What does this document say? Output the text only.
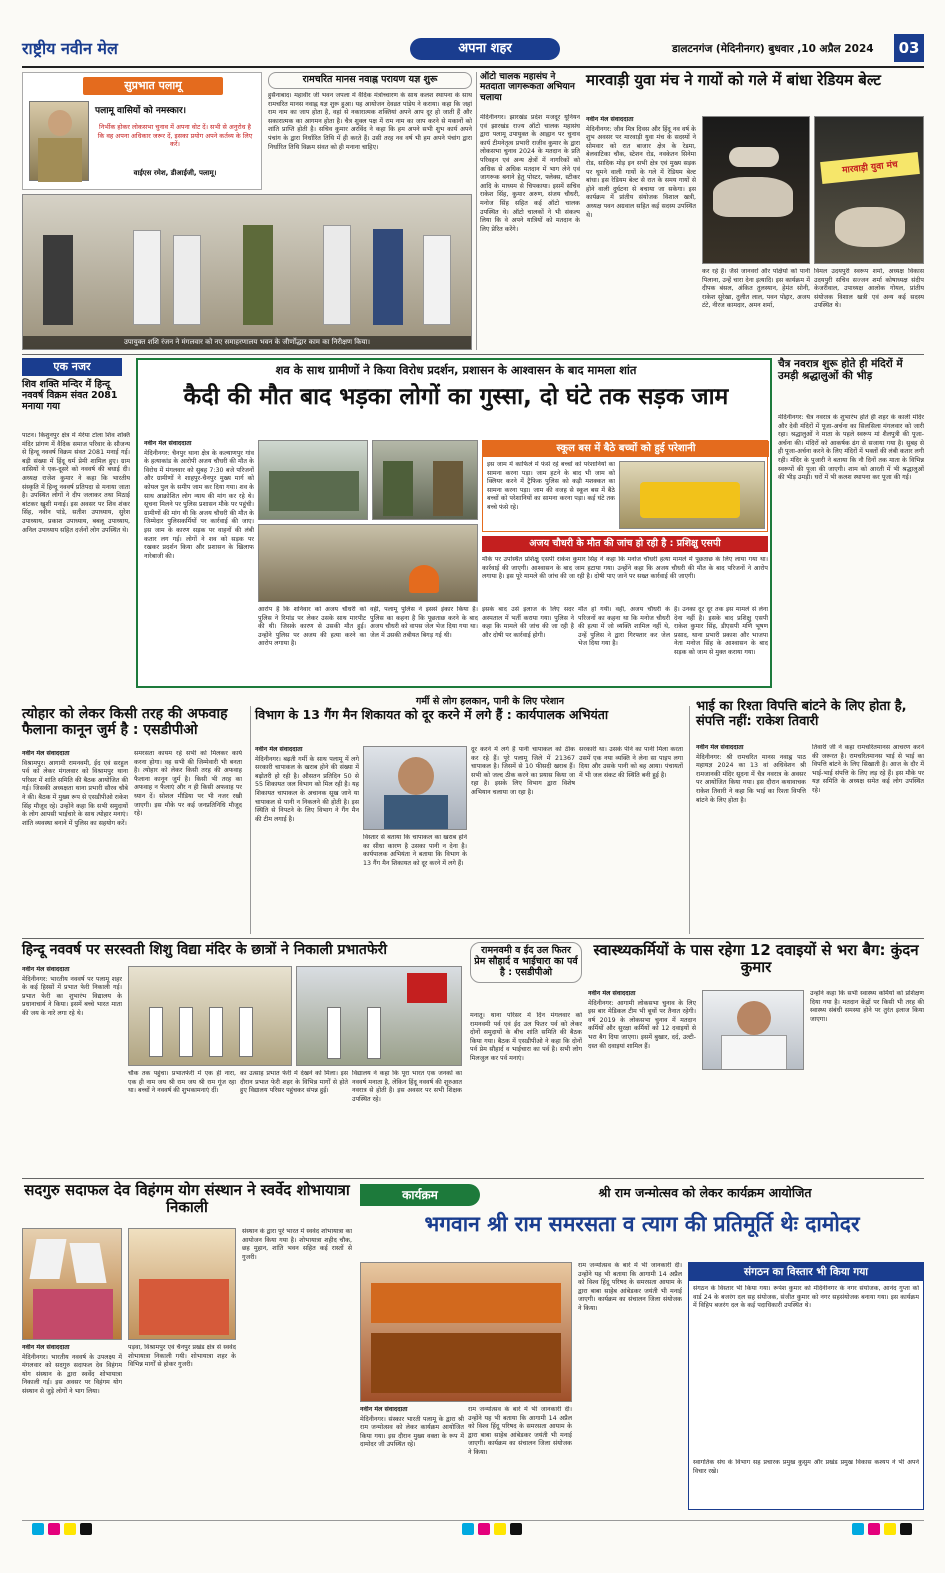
राष्ट्रीय नवीन मेल	अपना शहर	डालटनगंज (मेदिनीनगर) बुधवार ,10 अप्रैल 2024	03
सुप्रभात पलामू
पलामू वासियों को नमस्कार।
निर्भीक होकर लोकसभा चुनाव में अपना वोट दें। सभी से अनुरोध है कि वह अपना अधिकार जरूर दें, इसका प्रयोग अपने कर्तव्य के लिए करें।
वाईएस रमेश, डीआईजी, पलामू।
रामचरित मानस नवाह्न परायण यज्ञ शुरू
हुसैनाबाद। महावीर जी भवन जपला में वैदिक मंत्रोच्चारण के साथ कलश स्थापना के साथ रामचरित मानस नवाह्न यज्ञ शुरू हुआ। यह आयोजन देवव्रत पांडेय ने कराया। कहा कि जहां राम नाम का जाप होता है, वहां से नकारात्मक शक्तियां अपने आप दूर हो जाती हैं और सकारात्मक का आगमन होता है। चैत्र शुक्ल पक्ष में राम नाम का जाप करने से मकानों को शांति प्राप्ति होती है। सचिव कुमार अरविंद ने कहा कि हम अपने सभी शुभ कार्य अपने पंचांग के द्वारा निर्धारित तिथि में ही करते हैं। उसी तरह नव वर्ष भी हम अपने पंचांग द्वारा निर्धारित तिथि विक्रम संवत को ही मनाना चाहिए।
ऑटो चालक महासंघ ने मतदाता जागरूकता अभियान चलाया
मेदिनीनगर। झारखंड प्रदेश मजदूर यूनियन एवं झारखंड राज्य ऑटो चालक महासंघ द्वारा पलामू उपायुक्त के आह्वान पर चुनाव कार्य टीमनेतृत्व प्रभारी राजीव कुमार के द्वारा लोकसभा चुनाव 2024 के मतदान के प्रति परिवहन एवं अन्य क्षेत्रों में नागरिकों को अधिक से अधिक मतदान में भाग लेने एवं जागरूक बनाने हेतु पोस्टर, फ्लेक्स, स्टीकर आदि के माध्यम से चिपकाया। इसमें सचिव राकेश सिंह, कुमार अरुण, संजय चौधरी, मनोज सिंह सहित कई ऑटो चालक उपस्थित थे। ऑटो चालकों ने भी संकल्प लिया कि वे अपने यात्रियों को मतदान के लिए प्रेरित करेंगे।
उपायुक्त शशि रंजन ने मंगलवार को नए समाहरणालय भवन के जीर्णोद्धार काम का निरीक्षण किया।
मारवाड़ी युवा मंच ने गायों को गले में बांधा रेडियम बेल्ट
नवीन मेल संवाददाता
मेदिनीनगर: जीव मित्र दिवस और हिंदू नव वर्ष के शुभ अवसर पर मारवाड़ी युवा मंच के सदस्यों ने सोमवार को रात बाजार क्षेत्र के रेडमा, बेलवाटिका चौक, स्टेशन रोड, नवकेतन सिनेमा रोड, सादिक मोड़ इन सभी क्षेत्र एवं मुख्य सड़क पर घूमने वाली गायों के गले में रेडियम बेल्ट बांधा। इस रेडियम बेल्ट से रात के समय गायों से होने वाली दुर्घटना से बचाया जा सकेगा। इस कार्यक्रम में प्रांतीय संयोजक विशाल खत्री, अध्यक्ष पवन अग्रवाल सहित कई सदस्य उपस्थित थे।
मारवाड़ी युवा मंच
कर रहे हैं। जैसे जानवरों और पक्षियों को पानी पिलाना, उन्हें चारा देना इत्यादि। इस कार्यक्रम में दीपक बंसल, अंकित तुलस्यान, हेमंत सोनी, राकेश सुरेखा, तुलीत लाल, पवन पोद्दार, अजय टंटे, नीरज कामदार, अमन शर्मा,
विमल उदयपुरी स्वरूप शर्मा, अध्यक्ष विकास उदयपुरी सचिव सज्जन शर्मा कोषाध्यक्ष संदीप केजरीवाल, उपाध्यक्ष आलोक गोयल, प्रांतीय संयोजक विशाल खत्री एवं अन्य कई सदस्य उपस्थित थे।
एक नजर
शिव शक्ति मन्दिर में हिन्दू नववर्ष विक्रम संवत 2081 मनाया गया
पाटन। किशुनपुर क्षेत्र में मेरेया टोला शिव शक्ति मंदिर प्रांगण में वैदिक समाज परिवार के सौजन्य से हिन्दू नववर्ष विक्रम संवत 2081 मनाई गई। बड़ी संख्या में हिंदू धर्म प्रेमी शामिल हुए। ग्राम वासियों ने एक-दूसरे को नववर्ष की बधाई दी। अध्यक्ष राजेश कुमार ने कहा कि भारतीय संस्कृति में हिन्दू नववर्ष प्रतिपदा से मनाया जाता है। उपस्थित लोगों ने दीप जलाकर तथा मिठाई बांटकर खुशी मनाई। इस अवसर पर शिव शंकर सिंह, नवीन पांडे, सतीश उपाध्याय, सुरेश उपाध्याय, प्रकाश उपाध्याय, बबलू उपाध्याय, अनिल उपाध्याय सहित दर्जनों लोग उपस्थित थे।
शव के साथ ग्रामीणों ने किया विरोध प्रदर्शन, प्रशासन के आश्वासन के बाद मामला शांत
कैदी की मौत बाद भड़का लोगों का गुस्सा, दो घंटे तक सड़क जाम
नवीन मेल संवाददाता
मेदिनीनगर: चैनपुर थाना क्षेत्र के कल्याणपुर गांव के हत्याकांड के आरोपी अजय चौधरी की मौत के विरोध में मंगलवार को सुबह 7:30 बजे परिजनों और ग्रामीणों ने शाहपुर-चैनपुर मुख्य मार्ग को कोयल पुल के समीप जाम कर दिया गया। शव के साथ आक्रोशित लोग न्याय की मांग कर रहे थे। सूचना मिलने पर पुलिस प्रशासन मौके पर पहुंची। ग्रामीणों की मांग थी कि अजय चौधरी की मौत के जिम्मेदार पुलिसकर्मियों पर कार्रवाई की जाए। इस जाम के कारण सड़क पर वाहनों की लंबी कतार लग गई। लोगों ने शव को सड़क पर रखकर प्रदर्शन किया और प्रशासन के खिलाफ नारेबाजी की।
आरोप है कि शनिवार को अजय चौधरी को पुलिस ने रिमांड पर लेकर उसके साथ मारपीट की थी। जिसके कारण से उसकी मौत हुई। उन्होंने पुलिस पर अजय की हत्या करने का आरोप लगाया है।
वहीं, पलामू पुलिस ने इससे इंकार किया है। पुलिस का कहना है कि पूछताछ करने के बाद अजय चौधरी को वापस जेल भेज दिया गया था। जेल में उसकी तबीयत बिगड़ गई थी।
स्कूल बस में बैठे बच्चों को हुई परेशानी
इस जाम में काफिले में फंसे रहे बच्चों को परेशानियों का सामना करना पड़ा। जाम हटने के बाद भी जाम को क्लियर करने में ट्रैफिक पुलिस को कड़ी मशक्कत का सामना करना पड़ा। जाम की वजह से स्कूल बस में बैठे बच्चों को परेशानियों का सामना करना पड़ा। कई घंटे तक बच्चे फंसे रहे।
अजय चौधरी के मौत की जांच हो रही है : प्रशिक्षु एसपी
मौके पर उपस्थित प्रशिक्षु एसपी राकेश कुमार सिंह ने कहा कि मनोज चौधरी हत्या मामले में पूछताछ के लिए लाया गया था। कार्रवाई की जाएगी। आश्वासन के बाद जाम हटाया गया। उन्होंने कहा कि अजय चौधरी की मौत के बाद परिजनों ने आरोप लगाया है। इस पूरे मामले की जांच की जा रही है। दोषी पाए जाने पर सख्त कार्रवाई की जाएगी।
इसके बाद उसे इलाज के लिए सदर अस्पताल में भर्ती कराया गया। पुलिस ने कहा कि मामले की जांच की जा रही है और दोषी पर कार्रवाई होगी।
मौत हो गयी। वहीं, अजय चौधरी के परिजनों का कहना था कि मनोज चौधरी की हत्या में जो व्यक्ति शामिल नहीं थे, उन्हें पुलिस ने द्वारा गिरफ्तार कर जेल भेज दिया गया है।
है। उनका दूर दूर तक इस मामले से लेना देना नहीं है। इसके बाद प्रशिक्षु एसपी राकेश कुमार सिंह, डीएसपी मणि भूषण प्रसाद, थाना प्रभारी प्रकाश और भाजपा नेता मनोज सिंह के आश्वासन के बाद सड़क को जाम से मुक्त कराया गया।
चैत्र नवरात्र शुरू होते ही मंदिरों में उमड़ी श्रद्धालुओं की भीड़
मेदिनीनगर: चैत्र नवरात्र के शुभारंभ होते ही शहर के काली मंदिर और देवी मंदिरों में पूजा-अर्चना का सिलसिला मंगलवार को जारी रहा। श्रद्धालुओं ने माता के पहले स्वरूप मां शैलपुत्री की पूजा-अर्चना की। मंदिरों को आकर्षक ढंग से सजाया गया है। सुबह से ही पूजा-अर्चना करने के लिए मंदिरों में भक्तों की लंबी कतार लगी रही। मंदिर के पुजारी ने बताया कि नौ दिनों तक माता के विभिन्न स्वरूपों की पूजा की जाएगी। शाम को आरती में भी श्रद्धालुओं की भीड़ उमड़ी। घरों में भी कलश स्थापना कर पूजा की गई।
गर्मी से लोग हलकान, पानी के लिए परेशान
त्योहार को लेकर किसी तरह की अफवाह फैलाना कानून जुर्म है : एसडीपीओ
नवीन मेल संवाददाता
विश्रामपुर। आगामी रामनवमी, ईद एवं सरहुल पर्व को लेकर मंगलवार को विश्रामपुर थाना परिसर में शांति समिति की बैठक आयोजित की गई। जिसकी अध्यक्षता थाना प्रभारी सौरव चौबे ने की। बैठक में मुख्य रूप से एसडीपीओ राकेश सिंह मौजूद रहे। उन्होंने कहा कि सभी समुदायों के लोग आपसी भाईचारे के साथ त्योहार मनाएं। शांति व्यवस्था बनाने में पुलिस का सहयोग करें।
समरसता कायम रहे सभी को मिलकर कार्य करना होगा। वह सभी की जिम्मेवारी भी बनता है। त्योहार को लेकर किसी तरह की अफवाह फैलाना कानून जुर्म है। किसी भी तरह का अफवाह न फैलाएं और न ही किसी अफवाह पर ध्यान दें। सोशल मीडिया पर भी नजर रखी जाएगी। इस मौके पर कई जनप्रतिनिधि मौजूद रहे।
विभाग के 13 गैंग मैन शिकायत को दूर करने में लगे हैं : कार्यपालक अभियंता
नवीन मेल संवाददाता
मेदिनीनगर। बढ़ती गर्मी के साथ पलामू में लगे सरकारी चापाकल के खराब होने की संख्या में बढ़ोतरी हो रही है। औसतन प्रतिदिन 50 से 55 शिकायत जल विभाग को मिल रही है। यह शिकायत चापाकल के अचानक सूख जाने या चापाकल से पानी न निकलने की होती है। इस स्थिति से निपटने के लिए विभाग ने गैंग मैन की टीम लगाई है।
विस्तार से बताया कि चापाकल का खराब होने का सीधा कारण है उसका पानी न देना है। कार्यपालक अभियंता ने बताया कि विभाग के 13 गैंग मैन शिकायत को दूर करने में लगे हैं।
दूर करने में लगे हैं पानी चापाकल को ठीक कर रहे हैं। पूरे पलामू जिले में 21367 चापाकल है। जिसमें से 10 फीसदी खराब हैं। सभी को जल्द ठीक करने का प्रयास किया जा रहा है। इसके लिए विभाग द्वारा विशेष अभियान चलाया जा रहा है।
सरकारी था। उसके पीने का पानी मिला करता उसमें एक नया व्यक्ति ने लेना सा पाइप लगा दिया और उसके पानी को बह आया। पंचायतों में भी जल संकट की स्थिति बनी हुई है।
भाई का रिश्ता विपत्ति बांटने के लिए होता है, संपत्ति नहीं: राकेश तिवारी
नवीन मेल संवाददाता
मेदिनीनगर: श्री रामचरित मानस नवाह्न पाठ महायज्ञ 2024 का 13 वां अधिवेशन श्री रामजानकी मंदिर सूदना में चैत्र नवरात्र के अवसर पर आयोजित किया गया। इस दौरान कथावाचक राकेश तिवारी ने कहा कि भाई का रिश्ता विपत्ति बांटने के लिए होता है।
तिवारी जी ने कहा रामचरितमानस आचरण करने की जरूरत है। रामचरितमानस भाई से भाई का विपत्ति बांटने के लिए सिखाती है। आज के दौर में भाई-भाई संपत्ति के लिए लड़ रहे हैं। इस मौके पर यज्ञ समिति के अध्यक्ष समेत कई लोग उपस्थित रहे।
हिन्दू नववर्ष पर सरस्वती शिशु विद्या मंदिर के छात्रों ने निकाली प्रभातफेरी
नवीन मेल संवाददाता
मेदिनीनगर: भारतीय नववर्ष पर पलामू शहर के कई हिस्सों में प्रभात फेरी निकाली गई। प्रभात फेरी का शुभारंभ विद्यालय के प्रधानाचार्य ने किया। इसमें बच्चे भारत माता की जय के नारे लगा रहे थे।
चौक तक पहुंचा। प्रभातफेरी में एक ही नारा, एक ही नाम जय श्री राम जय श्री राम गूंज रहा था। बच्चों ने नववर्ष की शुभकामनाएं दीं।
का उत्साह प्रभात फेरी में देखने को मिला। इस दौरान प्रभात फेरी शहर के विभिन्न मार्गों से होते हुए विद्यालय परिसर पहुंचकर संपन्न हुई।
विद्यालय ने कहा कि पूरा भारत एक जनकों का नववर्ष मनाता है, लेकिन हिंदू नववर्ष की शुरुआत नवरात्र से होती है। इस अवसर पर सभी शिक्षक उपस्थित रहे।
रामनवमी व ईद उल फितर प्रेम सौहार्द व भाईचारा का पर्व है : एसडीपीओ
मनातू। थाना परिसर में दिन मंगलवार को रामनवमी पर्व एवं ईद उल फितर पर्व को लेकर दोनों समुदायों के बीच शांति समिति की बैठक किया गया। बैठक में एसडीपीओ ने कहा कि दोनों पर्व प्रेम सौहार्द व भाईचारा का पर्व है। सभी लोग मिलजुल कर पर्व मनाएं।
स्वास्थ्यकर्मियों के पास रहेगा 12 दवाइयों से भरा बैग: कुंदन कुमार
नवीन मेल संवाददाता
मेदिनीनगर: आगामी लोकसभा चुनाव के लिए इस बार मेडिकल टीम भी बूथों पर तैनात रहेगी। वर्ष 2019 के लोकसभा चुनाव में मतदान कर्मियों और सुरक्षा कर्मियों को 12 दवाइयों से भरा बैग दिया जाएगा। इसमें बुखार, दर्द, उल्टी-दस्त की दवाइयां शामिल हैं।
उन्होंने कहा कि सभी स्वास्थ्य कर्मियों को प्रशिक्षण दिया गया है। मतदान केंद्रों पर किसी भी तरह की स्वास्थ्य संबंधी समस्या होने पर तुरंत इलाज किया जाएगा।
सदगुरु सदाफल देव विहंगम योग संस्थान ने स्वर्वेद शोभायात्रा निकाली
नवीन मेल संवाददाता
मेदिनीनगर। भारतीय नववर्ष के उपलक्ष्य में मंगलवार को सदगुरु सदाफल देव विहंगम योग संस्थान के द्वारा स्वर्वेद शोभायात्रा निकाली गई। इस अवसर पर विहंगम योग संस्थान से जुड़े लोगों ने भाग लिया।
पड़वा, विश्रामपुर एवं चैनपुर प्रखंड क्षेत्र से स्वर्वेद शोभायात्रा निकाली गयी। शोभायात्रा शहर के विभिन्न मार्गों से होकर गुजरी।
संस्थान के द्वारा पूरे भारत में स्वर्वेद शोभायात्रा का आयोजन किया गया है। शोभायात्रा शहीद चौक, छह मुहान, शांति भवन सहित कई रास्तों से गुजरी।
कार्यक्रम	श्री राम जन्मोत्सव को लेकर कार्यक्रम आयोजित
भगवान श्री राम समरसता व त्याग की प्रतिमूर्ति थेः दामोदर
नवीन मेल संवाददाता
मेदिनीनगर। संस्कार भारती पलामू के द्वारा श्री राम जन्मोत्सव को लेकर कार्यक्रम आयोजित किया गया। इस दौरान मुख्य वक्ता के रूप में दामोदर जी उपस्थित रहे।
राम जन्मोत्सव के बारे में भी जानकारी दी। उन्होंने यह भी बताया कि आगामी 14 अप्रैल को विश्व हिंदू परिषद के समरसता आयाम के द्वारा बाबा साहेब आंबेडकर जयंती भी मनाई जाएगी। कार्यक्रम का संचालन जिला संयोजक ने किया।
राम जन्मोत्सव के बारे में भी जानकारी दी। उन्होंने यह भी बताया कि आगामी 14 अप्रैल को विश्व हिंदू परिषद के समरसता आयाम के द्वारा बाबा साहेब आंबेडकर जयंती भी मनाई जाएगी। कार्यक्रम का संचालन जिला संयोजक ने किया।
संगठन का विस्तार भी किया गया
संगठन के विस्तार भी किया गया। रूपेश कुमार को मेदिनीनगर के नगर संयोजक, आनंद गुप्ता को वार्ड 24 के बजरंग दल सह संयोजक, संजीत कुमार को नगर सहसंयोजक बनाया गया। इस कार्यक्रम में विहिप बजरंग दल के कई पदाधिकारी उपस्थित थे।
स्वागतिक संघ के विभाग सह प्रचारक प्रमुख कुसुम और प्रखंड प्रमुख विकास कश्यप ने भी अपने विचार रखे।
